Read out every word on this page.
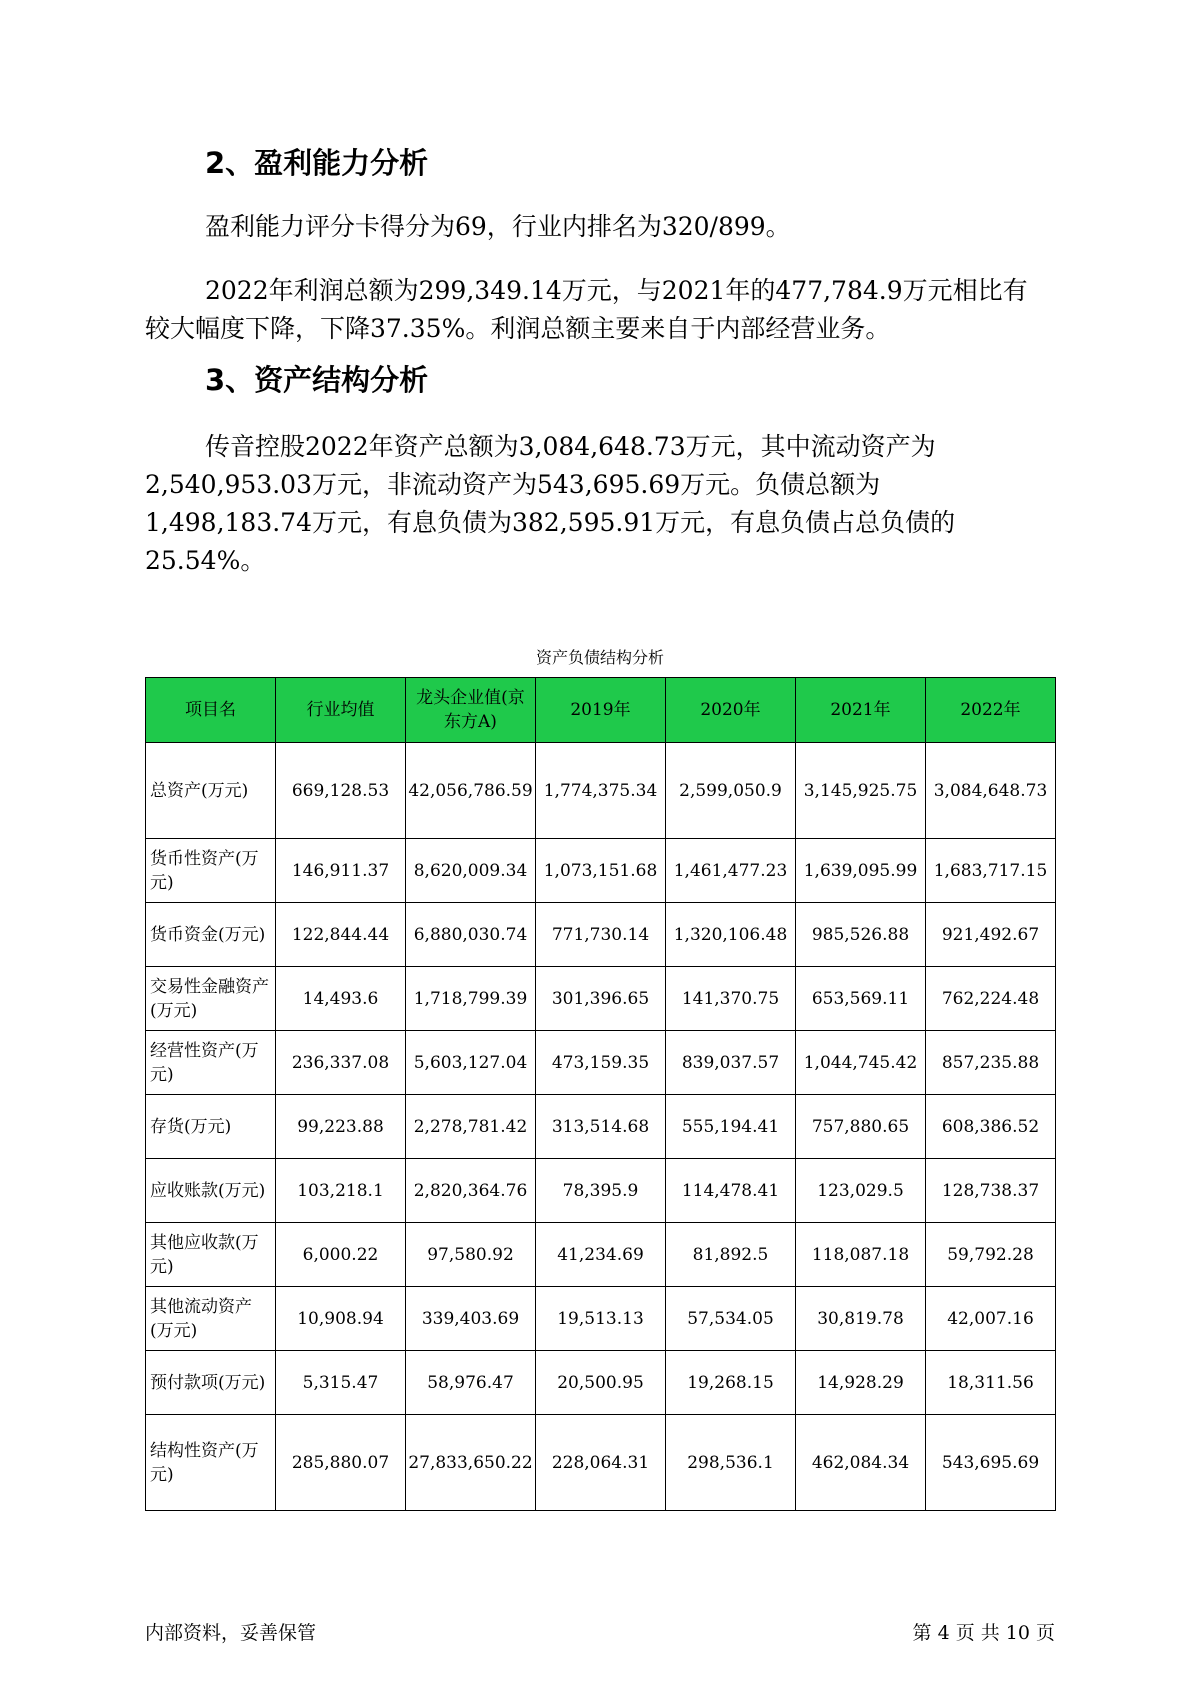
2、盈利能力分析

盈利能力评分卡得分为69，行业内排名为320/899。

2022年利润总额为299,349.14万元，与2021年的477,784.9万元相比有
较大幅度下降，下降37.35%。利润总额主要来自于内部经营业务。

3、资产结构分析

传音控股2022年资产总额为3,084,648.73万元，其中流动资产为
2,540,953.03万元，非流动资产为543,695.69万元。负债总额为
1,498,183.74万元，有息负债为382,595.91万元，有息负债占总负债的
25.54%。

资产负债结构分析
项目名	行业均值	龙头企业值(京东方A)	2019年	2020年	2021年	2022年
总资产(万元)	669,128.53	42,056,786.59	1,774,375.34	2,599,050.9	3,145,925.75	3,084,648.73
货币性资产(万元)	146,911.37	8,620,009.34	1,073,151.68	1,461,477.23	1,639,095.99	1,683,717.15
货币资金(万元)	122,844.44	6,880,030.74	771,730.14	1,320,106.48	985,526.88	921,492.67
交易性金融资产(万元)	14,493.6	1,718,799.39	301,396.65	141,370.75	653,569.11	762,224.48
经营性资产(万元)	236,337.08	5,603,127.04	473,159.35	839,037.57	1,044,745.42	857,235.88
存货(万元)	99,223.88	2,278,781.42	313,514.68	555,194.41	757,880.65	608,386.52
应收账款(万元)	103,218.1	2,820,364.76	78,395.9	114,478.41	123,029.5	128,738.37
其他应收款(万元)	6,000.22	97,580.92	41,234.69	81,892.5	118,087.18	59,792.28
其他流动资产(万元)	10,908.94	339,403.69	19,513.13	57,534.05	30,819.78	42,007.16
预付款项(万元)	5,315.47	58,976.47	20,500.95	19,268.15	14,928.29	18,311.56
结构性资产(万元)	285,880.07	27,833,650.22	228,064.31	298,536.1	462,084.34	543,695.69
内部资料，妥善保管	第 4 页 共 10 页
